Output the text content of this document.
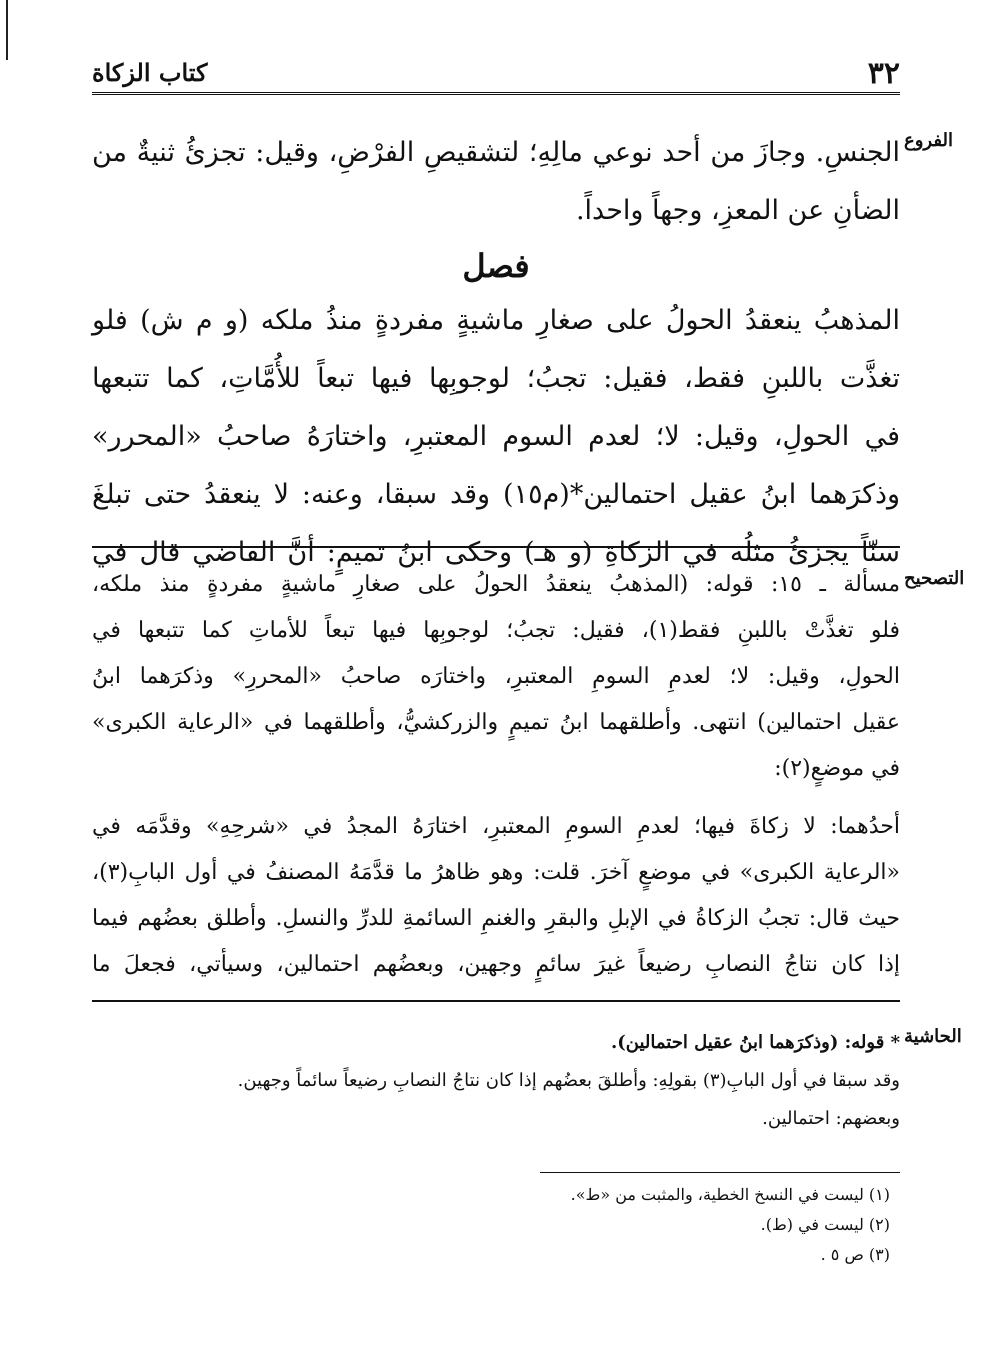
٣٢
كتاب الزكاة
الفروع
الجنسِ. وجازَ من أحد نوعي مالِهِ؛ لتشقيصِ الفرْضِ، وقيل: تجزئُ ثنيةٌ من
الضأنِ عن المعزِ، وجهاً واحداً.
فصل
المذهبُ ينعقدُ الحولُ على صغارِ ماشيةٍ مفردةٍ منذُ ملكه (و م ش) فلو
تغذَّت باللبنِ فقط، فقيل: تجبُ؛ لوجوبِها فيها تبعاً للأُمَّاتِ، كما تتبعها
في الحولِ، وقيل: لا؛ لعدم السوم المعتبرِ، واختارَهُ صاحبُ «المحرر»
وذكرَهما ابنُ عقيل احتمالين*(م١٥) وقد سبقا، وعنه: لا ينعقدُ حتى تبلغَ
سنّاً يجزئُ مثلُه في الزكاةِ (و هـ) وحكى ابنُ تميمٍ: أنَّ القاضي قال في
التصحيح
مسألة ـ ١٥: قوله: (المذهبُ ينعقدُ الحولُ على صغارِ ماشيةٍ مفردةٍ منذ ملكه،
فلو تغذَّتْ باللبنِ فقط(١)، فقيل: تجبُ؛ لوجوبِها فيها تبعاً للأماتِ كما تتبعها في
الحولِ، وقيل: لا؛ لعدمِ السومِ المعتبرِ، واختارَه صاحبُ «المحررِ» وذكرَهما ابنُ
عقيل احتمالين) انتهى. وأطلقهما ابنُ تميمٍ والزركشيُّ، وأطلقهما في «الرعاية الكبرى»
في موضعٍ(٢):
أحدُهما: لا زكاةَ فيها؛ لعدمِ السومِ المعتبرِ، اختارَهُ المجدُ في «شرحِهِ» وقدَّمَه في
«الرعاية الكبرى» في موضعٍ آخرَ. قلت: وهو ظاهرُ ما قدَّمَهُ المصنفُ في أول البابِ(٣)،
حيث قال: تجبُ الزكاةُ في الإبلِ والبقرِ والغنمِ السائمةِ للدرِّ والنسلِ. وأطلق بعضُهم فيما
إذا كان نتاجُ النصابِ رضيعاً غيرَ سائمٍ وجهين، وبعضُهم احتمالين، وسيأتي، فجعلَ ما
الحاشية
* قوله: (وذكرَهما ابنُ عقيل احتمالين).
وقد سبقا في أول البابِ(٣) بقولِهِ: وأطلقَ بعضُهم إذا كان نتاجُ النصابِ رضيعاً سائماً وجهين.
وبعضهم: احتمالين.
(١) ليست في النسخ الخطية، والمثبت من «ط».
(٢) ليست في (ط).
(٣) ص ٥ .
